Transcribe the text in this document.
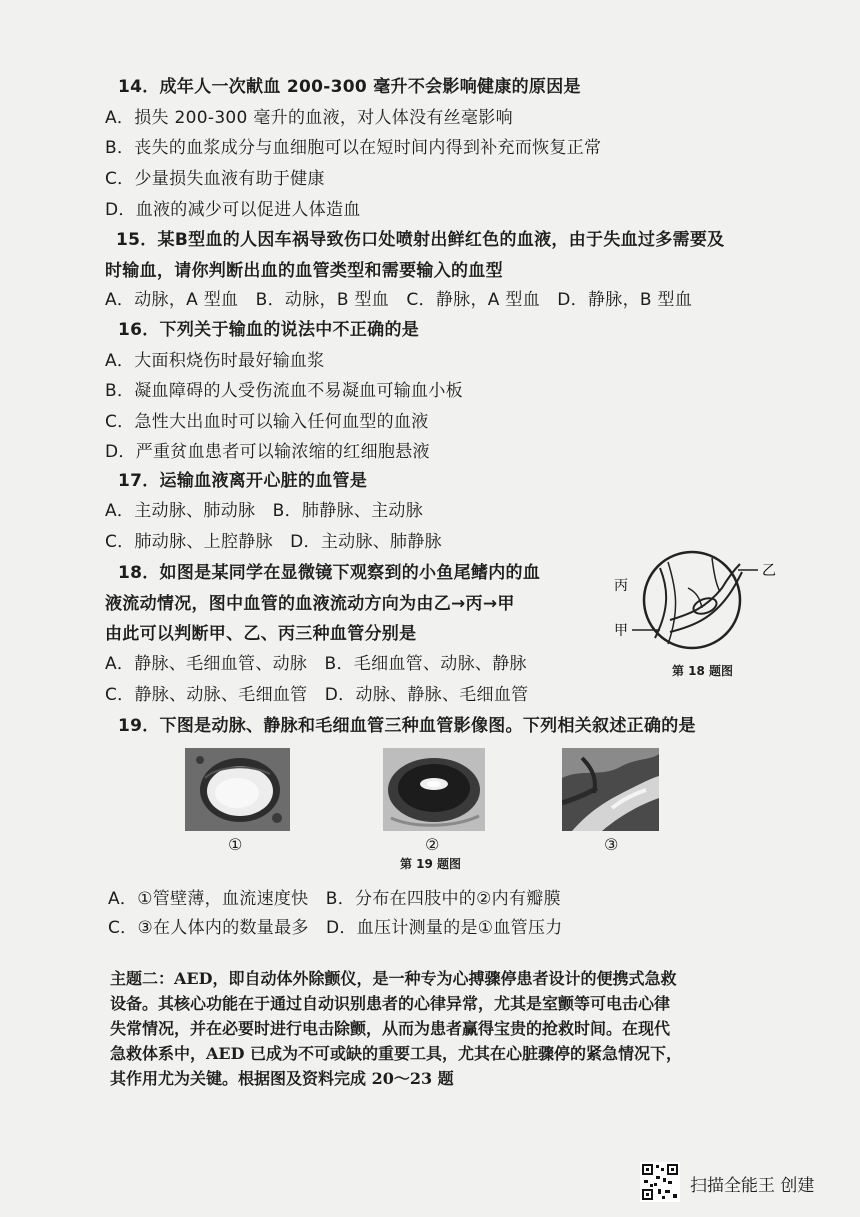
14．成年人一次献血 200-300 毫升不会影响健康的原因是
A．损失 200-300 毫升的血液，对人体没有丝毫影响
B．丧失的血浆成分与血细胞可以在短时间内得到补充而恢复正常
C．少量损失血液有助于健康
D．血液的减少可以促进人体造血
15．某B型血的人因车祸导致伤口处喷射出鲜红色的血液，由于失血过多需要及
时输血，请你判断出血的血管类型和需要输入的血型
A．动脉，A 型血　B．动脉，B 型血　C．静脉，A 型血　D．静脉，B 型血
16．下列关于输血的说法中不正确的是
A．大面积烧伤时最好输血浆
B．凝血障碍的人受伤流血不易凝血可输血小板
C．急性大出血时可以输入任何血型的血液
D．严重贫血患者可以输浓缩的红细胞悬液
17．运输血液离开心脏的血管是
A．主动脉、肺动脉　B．肺静脉、主动脉
C．肺动脉、上腔静脉　D．主动脉、肺静脉
18．如图是某同学在显微镜下观察到的小鱼尾鳍内的血
液流动情况，图中血管的血液流动方向为由乙→丙→甲
由此可以判断甲、乙、丙三种血管分别是
A．静脉、毛细血管、动脉　B．毛细血管、动脉、静脉
C．静脉、动脉、毛细血管　D．动脉、静脉、毛细血管
乙
丙
甲
第 18 题图
19．下图是动脉、静脉和毛细血管三种血管影像图。下列相关叙述正确的是
①	②	③
第 19 题图
A．①管壁薄，血流速度快　B．分布在四肢中的②内有瓣膜
C．③在人体内的数量最多　D．血压计测量的是①血管压力
主题二：AED，即自动体外除颤仪，是一种专为心搏骤停患者设计的便携式急救
设备。其核心功能在于通过自动识别患者的心律异常，尤其是室颤等可电击心律
失常情况，并在必要时进行电击除颤，从而为患者赢得宝贵的抢救时间。在现代
急救体系中，AED 已成为不可或缺的重要工具，尤其在心脏骤停的紧急情况下，
其作用尤为关键。根据图及资料完成 20～23 题
扫描全能王 创建
